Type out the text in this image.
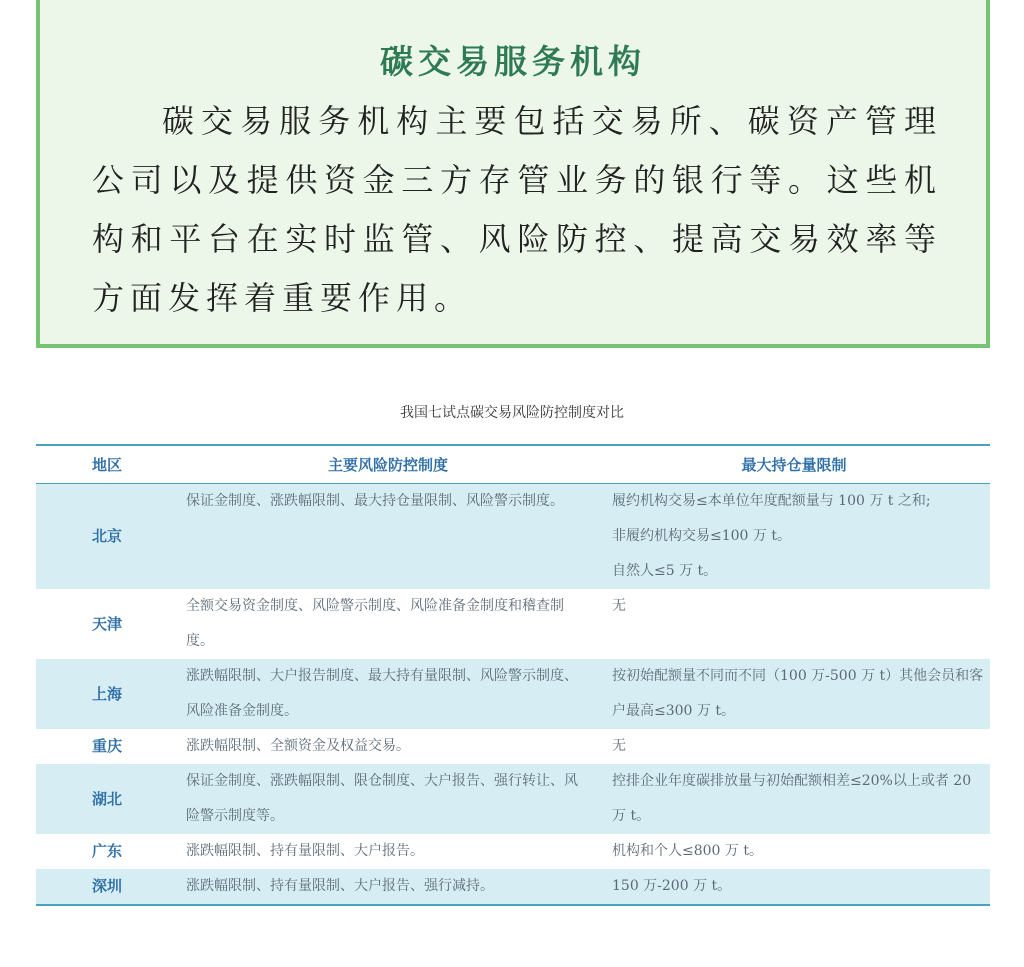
碳交易服务机构
碳交易服务机构主要包括交易所、碳资产管理公司以及提供资金三方存管业务的银行等。这些机构和平台在实时监管、风险防控、提高交易效率等方面发挥着重要作用。
我国七试点碳交易风险防控制度对比
地区	主要风险防控制度	最大持仓量限制
北京	保证金制度、涨跌幅限制、最大持仓量限制、风险警示制度。	履约机构交易≤本单位年度配额量与 100 万 t 之和;
非履约机构交易≤100 万 t。
自然人≤5 万 t。

天津	全额交易资金制度、风险警示制度、风险准备金制度和稽查制度。	无
上海	涨跌幅限制、大户报告制度、最大持有量限制、风险警示制度、风险准备金制度。	按初始配额量不同而不同（100 万-500 万 t）其他会员和客户最高≤300 万 t。
重庆	涨跌幅限制、全额资金及权益交易。	无
湖北	保证金制度、涨跌幅限制、限仓制度、大户报告、强行转让、风险警示制度等。	控排企业年度碳排放量与初始配额相差≤20%以上或者 20 万 t。
广东	涨跌幅限制、持有量限制、大户报告。	机构和个人≤800 万 t。
深圳	涨跌幅限制、持有量限制、大户报告、强行减持。	150 万-200 万 t。
